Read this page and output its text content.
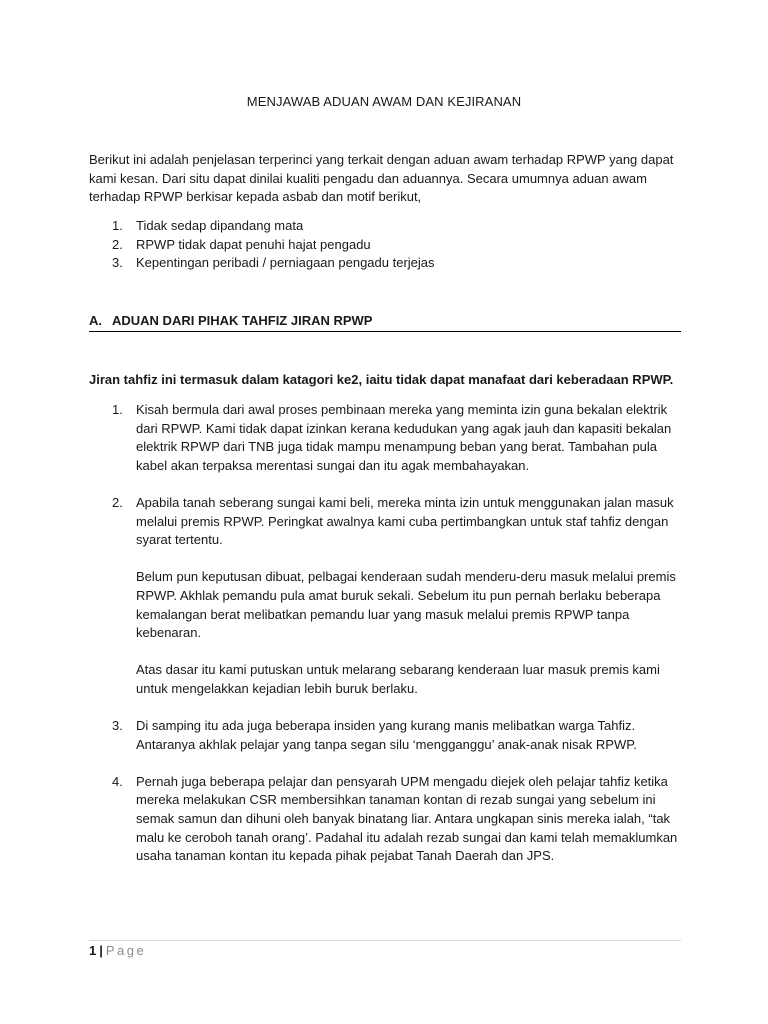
MENJAWAB ADUAN AWAM DAN KEJIRANAN
Berikut ini adalah penjelasan terperinci yang terkait dengan aduan awam terhadap RPWP yang dapat kami kesan. Dari situ dapat dinilai kualiti pengadu dan aduannya. Secara umumnya aduan awam terhadap RPWP berkisar kepada asbab dan motif berikut,
1. Tidak sedap dipandang mata
2. RPWP tidak dapat penuhi hajat pengadu
3. Kepentingan peribadi / perniagaan pengadu terjejas
A. ADUAN DARI PIHAK TAHFIZ JIRAN RPWP
Jiran tahfiz ini termasuk dalam katagori ke2, iaitu tidak dapat manafaat dari keberadaan RPWP.
1. Kisah bermula dari awal proses pembinaan mereka yang meminta izin guna bekalan elektrik dari RPWP. Kami tidak dapat izinkan kerana kedudukan yang agak jauh dan kapasiti bekalan elektrik RPWP dari TNB juga tidak mampu menampung beban yang berat. Tambahan pula kabel akan terpaksa merentasi sungai dan itu agak membahayakan.

2. Apabila tanah seberang sungai kami beli, mereka minta izin untuk menggunakan jalan masuk melalui premis RPWP. Peringkat awalnya kami cuba pertimbangkan untuk staf tahfiz dengan syarat tertentu.

Belum pun keputusan dibuat, pelbagai kenderaan sudah menderu-deru masuk melalui premis RPWP. Akhlak pemandu pula amat buruk sekali. Sebelum itu pun pernah berlaku beberapa kemalangan berat melibatkan pemandu luar yang masuk melalui premis RPWP tanpa kebenaran.

Atas dasar itu kami putuskan untuk melarang sebarang kenderaan luar masuk premis kami untuk mengelakkan kejadian lebih buruk berlaku.

3. Di samping itu ada juga beberapa insiden yang kurang manis melibatkan warga Tahfiz. Antaranya akhlak pelajar yang tanpa segan silu ‘mengganggu’ anak-anak nisak RPWP.

4. Pernah juga beberapa pelajar dan pensyarah UPM mengadu diejek oleh pelajar tahfiz ketika mereka melakukan CSR membersihkan tanaman kontan di rezab sungai yang sebelum ini semak samun dan dihuni oleh banyak binatang liar. Antara ungkapan sinis mereka ialah, “tak malu ke ceroboh tanah orang’. Padahal itu adalah rezab sungai dan kami telah memaklumkan usaha tanaman kontan itu kepada pihak pejabat Tanah Daerah dan JPS.

1 | Page
